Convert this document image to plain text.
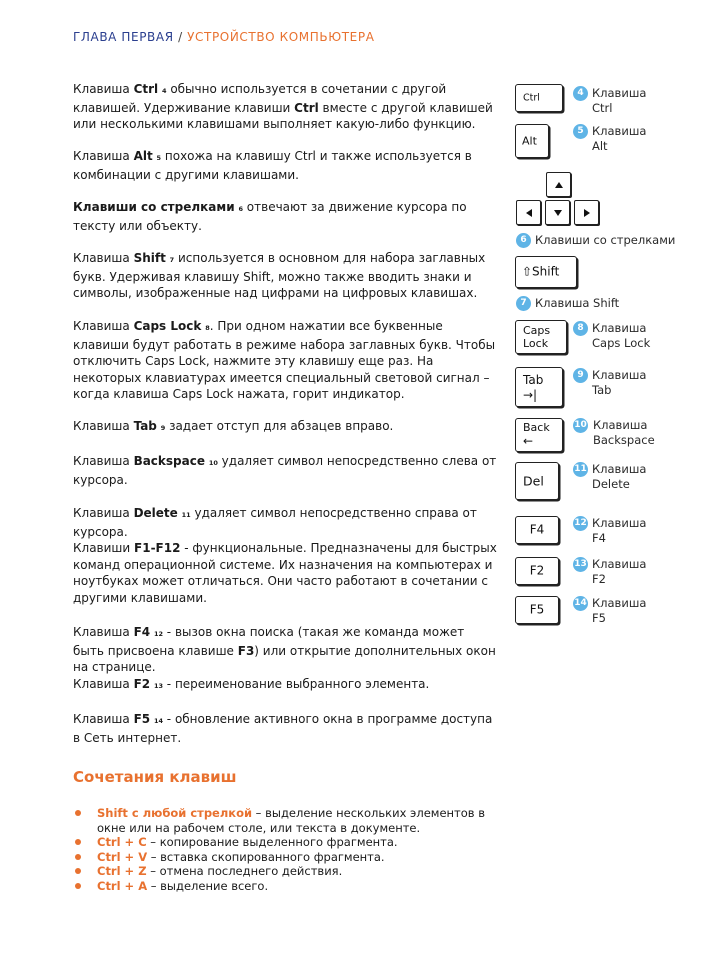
ГЛАВА ПЕРВАЯ / УСТРОЙСТВО КОМПЬЮТЕРА

Клавиша Ctrl 4 обычно используется в сочетании с другой клавишей. Удерживание клавиши Ctrl вместе с другой клавишей или несколькими клавишами выполняет какую-либо функцию.

Клавиша Alt 5 похожа на клавишу Ctrl и также используется в комбинации с другими клавишами.

Клавиши со стрелками 6 отвечают за движение курсора по тексту или объекту.

Клавиша Shift 7 используется в основном для набора заглавных букв. Удерживая клавишу Shift, можно также вводить знаки и символы, изображенные над цифрами на цифровых клавишах.

Клавиша Caps Lock 8. При одном нажатии все буквенные клавиши будут работать в режиме набора заглавных букв. Чтобы отключить Caps Lock, нажмите эту клавишу еще раз. На некоторых клавиатурах имеется специальный световой сигнал – когда клавиша Caps Lock нажата, горит индикатор.

Клавиша Tab 9 задает отступ для абзацев вправо.

Клавиша Backspace 10 удаляет символ непосредственно слева от курсора.

Клавиша Delete 11 удаляет символ непосредственно справа от курсора.

Клавиши F1-F12 - функциональные. Предназначены для быстрых команд операционной системе. Их назначения на компьютерах и ноутбуках может отличаться. Они часто работают в сочетании с другими клавишами.

Клавиша F4 12 - вызов окна поиска (такая же команда может быть присвоена клавише F3) или открытие дополнительных окон на странице.

Клавиша F2 13 - переименование выбранного элемента.

Клавиша F5 14 - обновление активного окна в программе доступа в Сеть интернет.

Сочетания клавиш
Shift с любой стрелкой – выделение нескольких элементов в окне или на рабочем столе, или текста в документе.
Ctrl + C – копирование выделенного фрагмента.
Ctrl + V – вставка скопированного фрагмента.
Ctrl + Z – отмена последнего действия.
Ctrl + A – выделение всего.
Ctrl	4 Клавиша
Ctrl
Alt
5 Клавиша
Alt
6 Клавиши со стрелками
⇧Shift
7 Клавиша Shift
Caps
Lock
8 Клавиша
Caps Lock
Tab
→|
9 Клавиша
Tab
Back
←
10 Клавиша
Backspace
Del
11 Клавиша
Delete
F4	12 Клавиша
F4
F2	13 Клавиша
F2
F5	14 Клавиша
F5
